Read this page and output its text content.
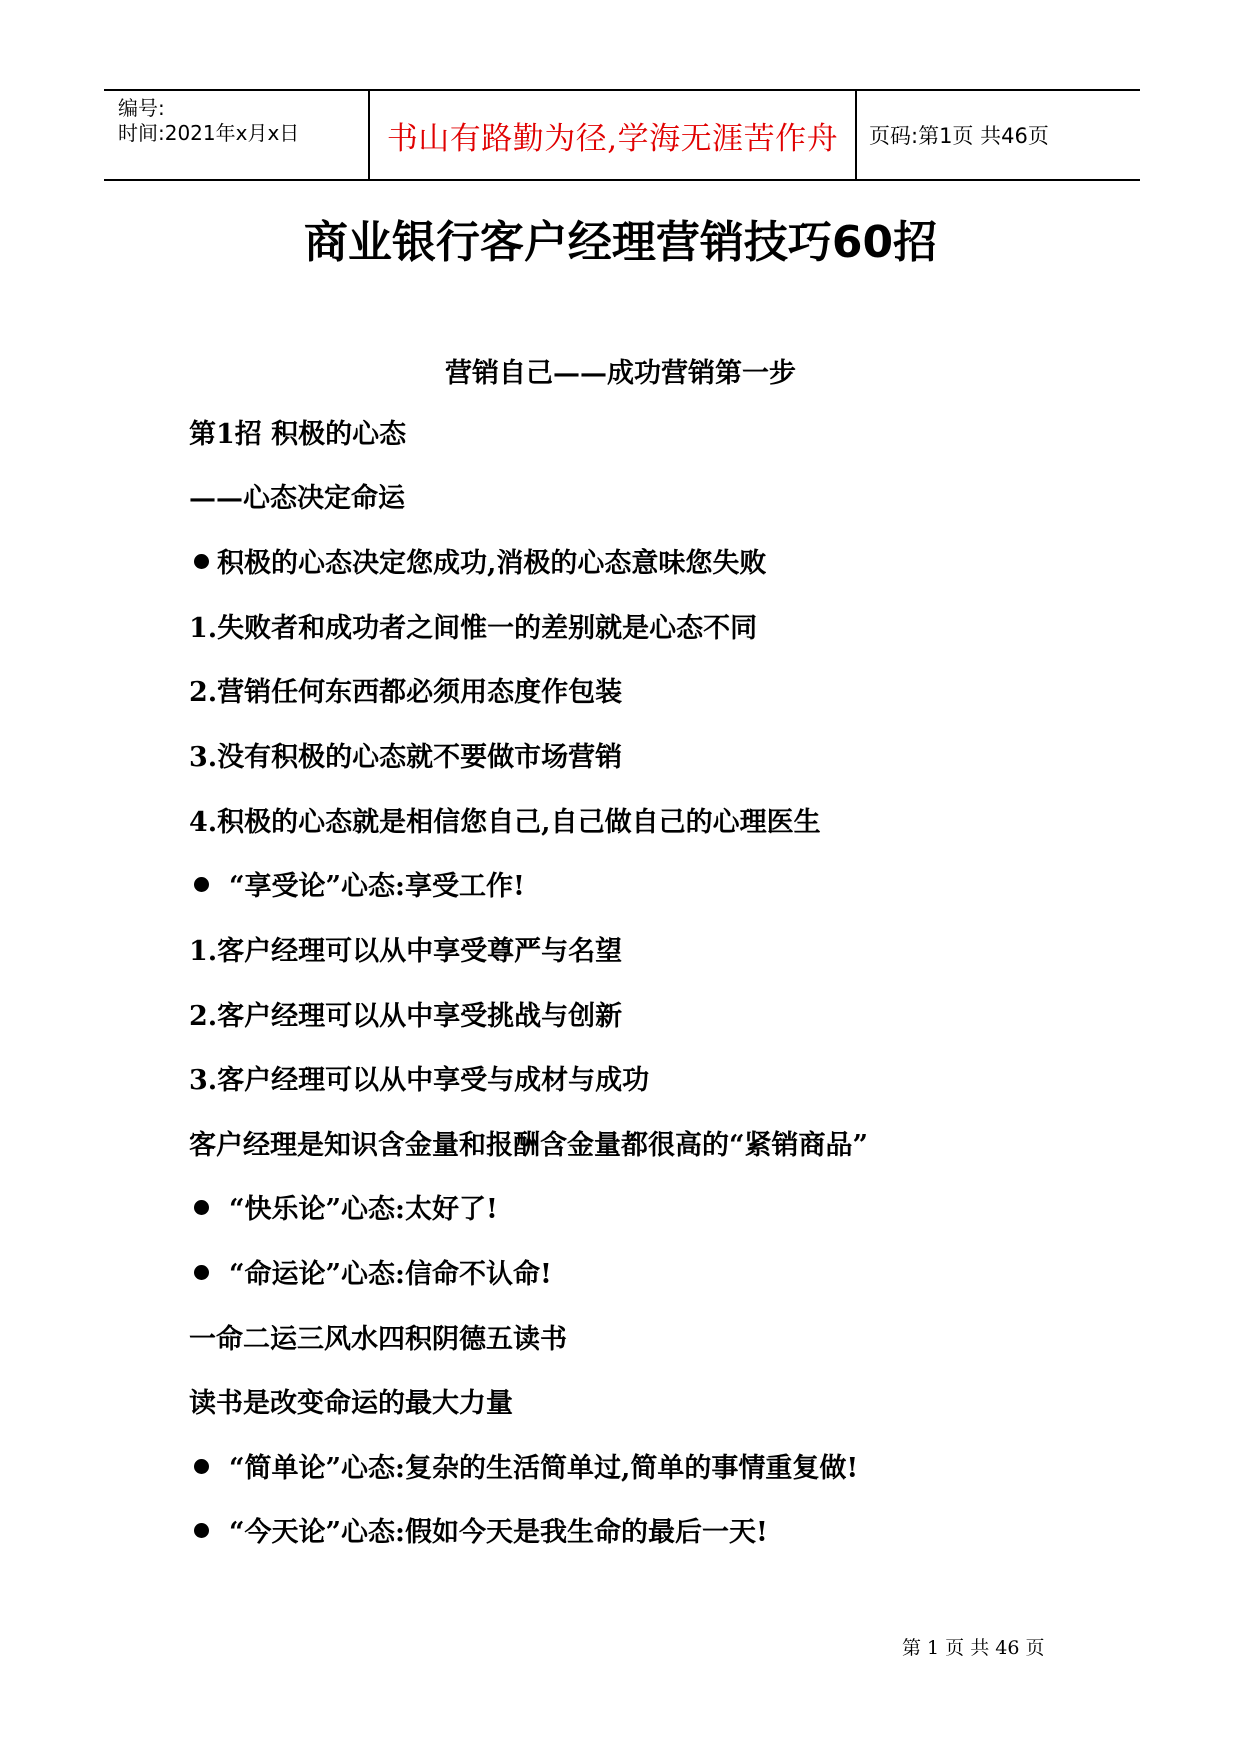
编号:
时间:2021年x月x日	书山有路勤为径,学海无涯苦作舟 页码:第1页 共46页
商业银行客户经理营销技巧60招
营销自己——成功营销第一步

第1招 积极的心态

——心态决定命运

积极的心态决定您成功,消极的心态意味您失败

1.失败者和成功者之间惟一的差别就是心态不同

2.营销任何东西都必须用态度作包装

3.没有积极的心态就不要做市场营销

4.积极的心态就是相信您自己,自己做自己的心理医生

“享受论”心态:享受工作!

1.客户经理可以从中享受尊严与名望

2.客户经理可以从中享受挑战与创新

3.客户经理可以从中享受与成材与成功

客户经理是知识含金量和报酬含金量都很高的“紧销商品”

“快乐论”心态:太好了!

“命运论”心态:信命不认命!

一命二运三风水四积阴德五读书

读书是改变命运的最大力量

“简单论”心态:复杂的生活简单过,简单的事情重复做!

“今天论”心态:假如今天是我生命的最后一天!

第 1 页 共 46 页
